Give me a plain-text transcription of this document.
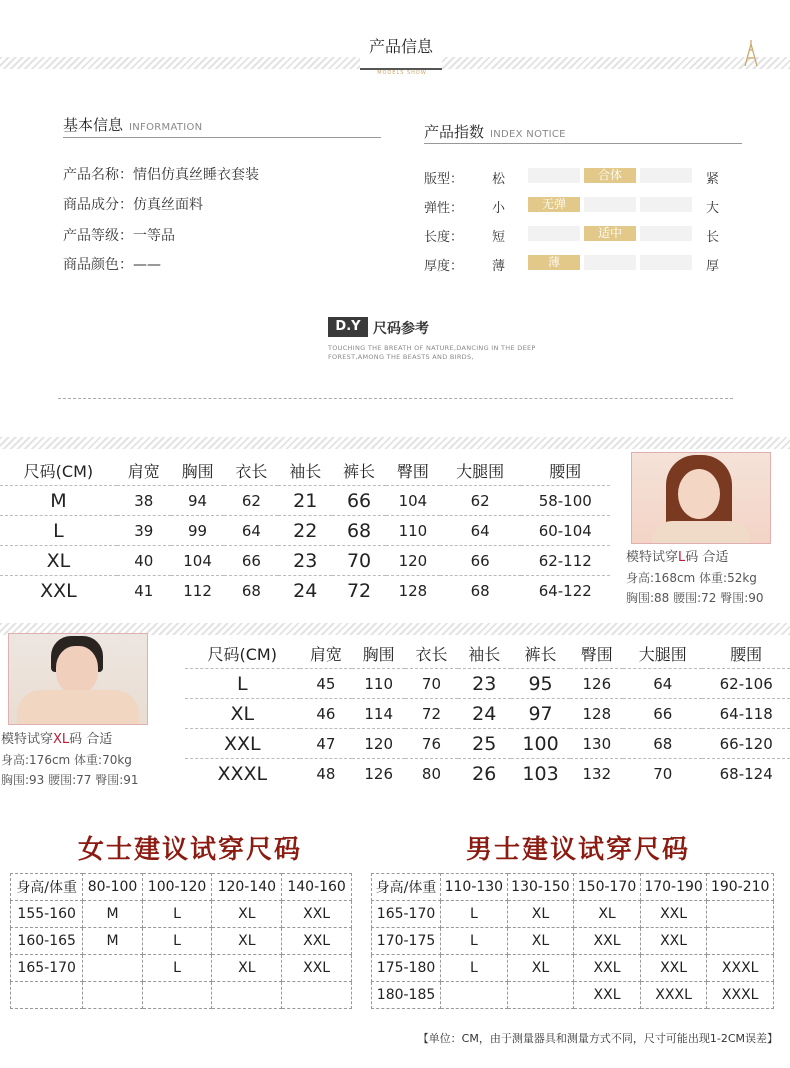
产品信息
MODELS SHOW
基本信息 INFORMATION
产品名称：情侣仿真丝睡衣套装
商品成分：仿真丝面料
产品等级：一等品
商品颜色：——
产品指数 INDEX NOTICE
版型： 松	合体	紧
弹性： 小	无弹	大
长度： 短	适中	长
厚度： 薄	薄	厚
D.Y 尺码参考
TOUCHING THE BREATH OF NATURE,DANCING IN THE DEEP
FOREST,AMONG THE BEASTS AND BIRDS,
尺码(CM)	肩宽	胸围	衣长	袖长	裤长	臀围	大腿围	腰围
M	38	94	62	21	66	104	62	58-100
L	39	99	64	22	68	110	64	60-104
XL	40	104	66	23	70	120	66	62-112
XXL	41	112	68	24	72	128	68	64-122
模特试穿L码 合适
身高:168cm 体重:52kg
胸围:88 腰围:72 臀围:90
模特试穿XL码 合适
身高:176cm 体重:70kg
胸围:93 腰围:77 臀围:91
尺码(CM)	肩宽	胸围	衣长	袖长	裤长	臀围	大腿围	腰围
L	45	110	70	23	95	126	64	62-106
XL	46	114	72	24	97	128	66	64-118
XXL	47	120	76	25	100	130	68	66-120
XXXL	48	126	80	26	103	132	70	68-124
女士建议试穿尺码	男士建议试穿尺码
身高/体重	80-100	100-120	120-140	140-160
155-160	M	L	XL	XXL
160-165	M	L	XL	XXL
165-170		L	XL	XXL

身高/体重	110-130	130-150	150-170	170-190	190-210
165-170	L	XL	XL	XXL	
170-175	L	XL	XXL	XXL	
175-180	L	XL	XXL	XXL	XXXL
180-185			XXL	XXXL	XXXL
【单位：CM，由于测量器具和测量方式不同，尺寸可能出现1-2CM误差】
